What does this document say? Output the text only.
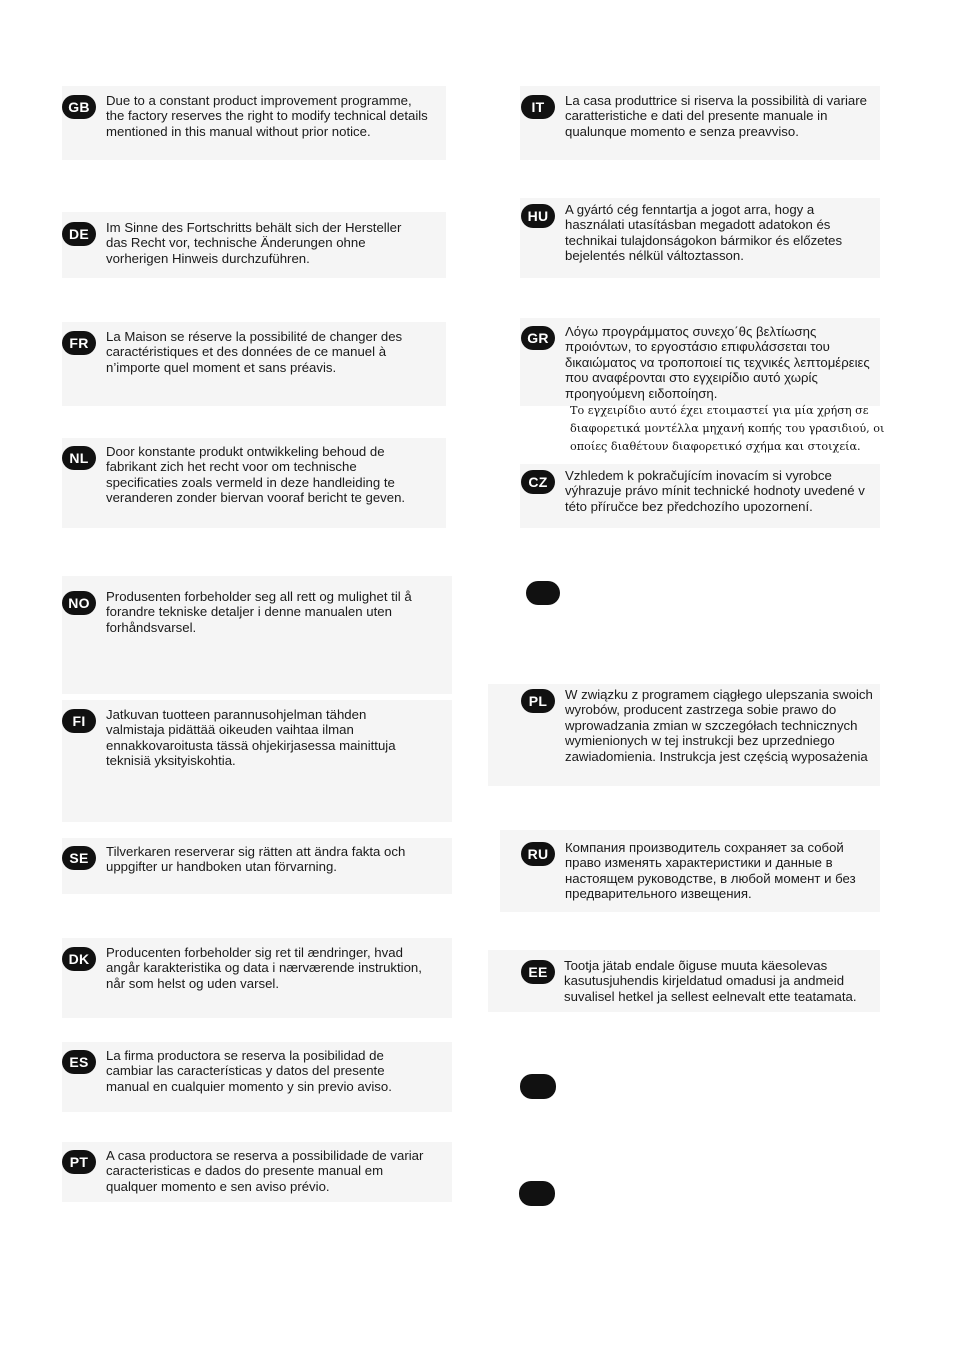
GB	Due to a constant product improvement programme, the factory reserves the right to modify technical details mentioned in this manual without prior notice.
DE	Im Sinne des Fortschritts behält sich der Hersteller das Recht vor, technische Änderungen ohne vorherigen Hinweis durchzuführen.
FR	La Maison se réserve la possibilité de changer des caractéristiques et des données de ce manuel à n’importe quel moment et sans préavis.
NL	Door konstante produkt ontwikkeling behoud de fabrikant zich het recht voor om technische specificaties zoals vermeld in deze handleiding te veranderen zonder biervan vooraf bericht te geven.
NO	Produsenten forbeholder seg all rett og mulighet til å forandre tekniske detaljer i denne manualen uten forhåndsvarsel.
FI	Jatkuvan tuotteen parannusohjelman tähden valmistaja pidättää oikeuden vaihtaa ilman ennakkovaroitusta tässä ohjekirjasessa mainittuja teknisiä yksityiskohtia.
SE	Tilverkaren reserverar sig rätten att ändra fakta och uppgifter ur handboken utan förvarning.
DK	Producenten forbeholder sig ret til ændringer, hvad angår karakteristika og data i nærværende instruktion, når som helst og uden varsel.
ES	La firma productora se reserva la posibilidad de cambiar las características y datos del presente manual en cualquier momento y sin previo aviso.
PT	A casa productora se reserva a possibilidade de variar caracteristicas e dados do presente manual em qualquer momento e sen aviso prévio.
IT	La casa produttrice si riserva la possibilità di variare caratteristiche e dati del presente manuale in qualunque momento e senza preavviso.
HU	A gyártó cég fenntartja a jogot arra, hogy a használati utasításban megadott adatokon és technikai tulajdonságokon bármikor és előzetes bejelentés nélkül változtasson.
GR	Λόγω προγράμματος συνεχο΄θς βελτίωσης προιόντων, το εργοστάσιο επιφυλάσσεται του δικαιώματος να τροποποιεί τις τεχνικές λεπτομέρειες που αναφέρονται στο εγχειρίδιο αυτό χωρίς προηγούμενη ειδοποίηση.
Το εγχειρίδιο αυτό έχει ετοιμαστεί για μία χρήση σε διαφορετικά μοντέλλα μηχανή κοπής του γρασιδιού, οι οποίες διαθέτουν διαφορετικό σχήμα και στοιχεία.
CZ	Vzhledem k pokračujícím inovacím si vyrobce výhrazuje právo mínit technické hodnoty uvedené v této příručce bez předchozího upozornení.
PL	W związku z programem ciągłego ulepszania swoich wyrobów, producent zastrzega sobie prawo do wprowadzania zmian w szczegółach technicznych wymienionych w tej instrukcji bez uprzedniego zawiadomienia. Instrukcja jest częścią wyposażenia
RU	Компания производитель сохраняет за собой право изменять характеристики и данные в настоящем руководстве, в любой момент и без предварительного извещения.
EE	Tootja jätab endale õiguse muuta käesolevas kasutusjuhendis kirjeldatud omadusi ja andmeid suvalisel hetkel ja sellest eelnevalt ette teatamata.
